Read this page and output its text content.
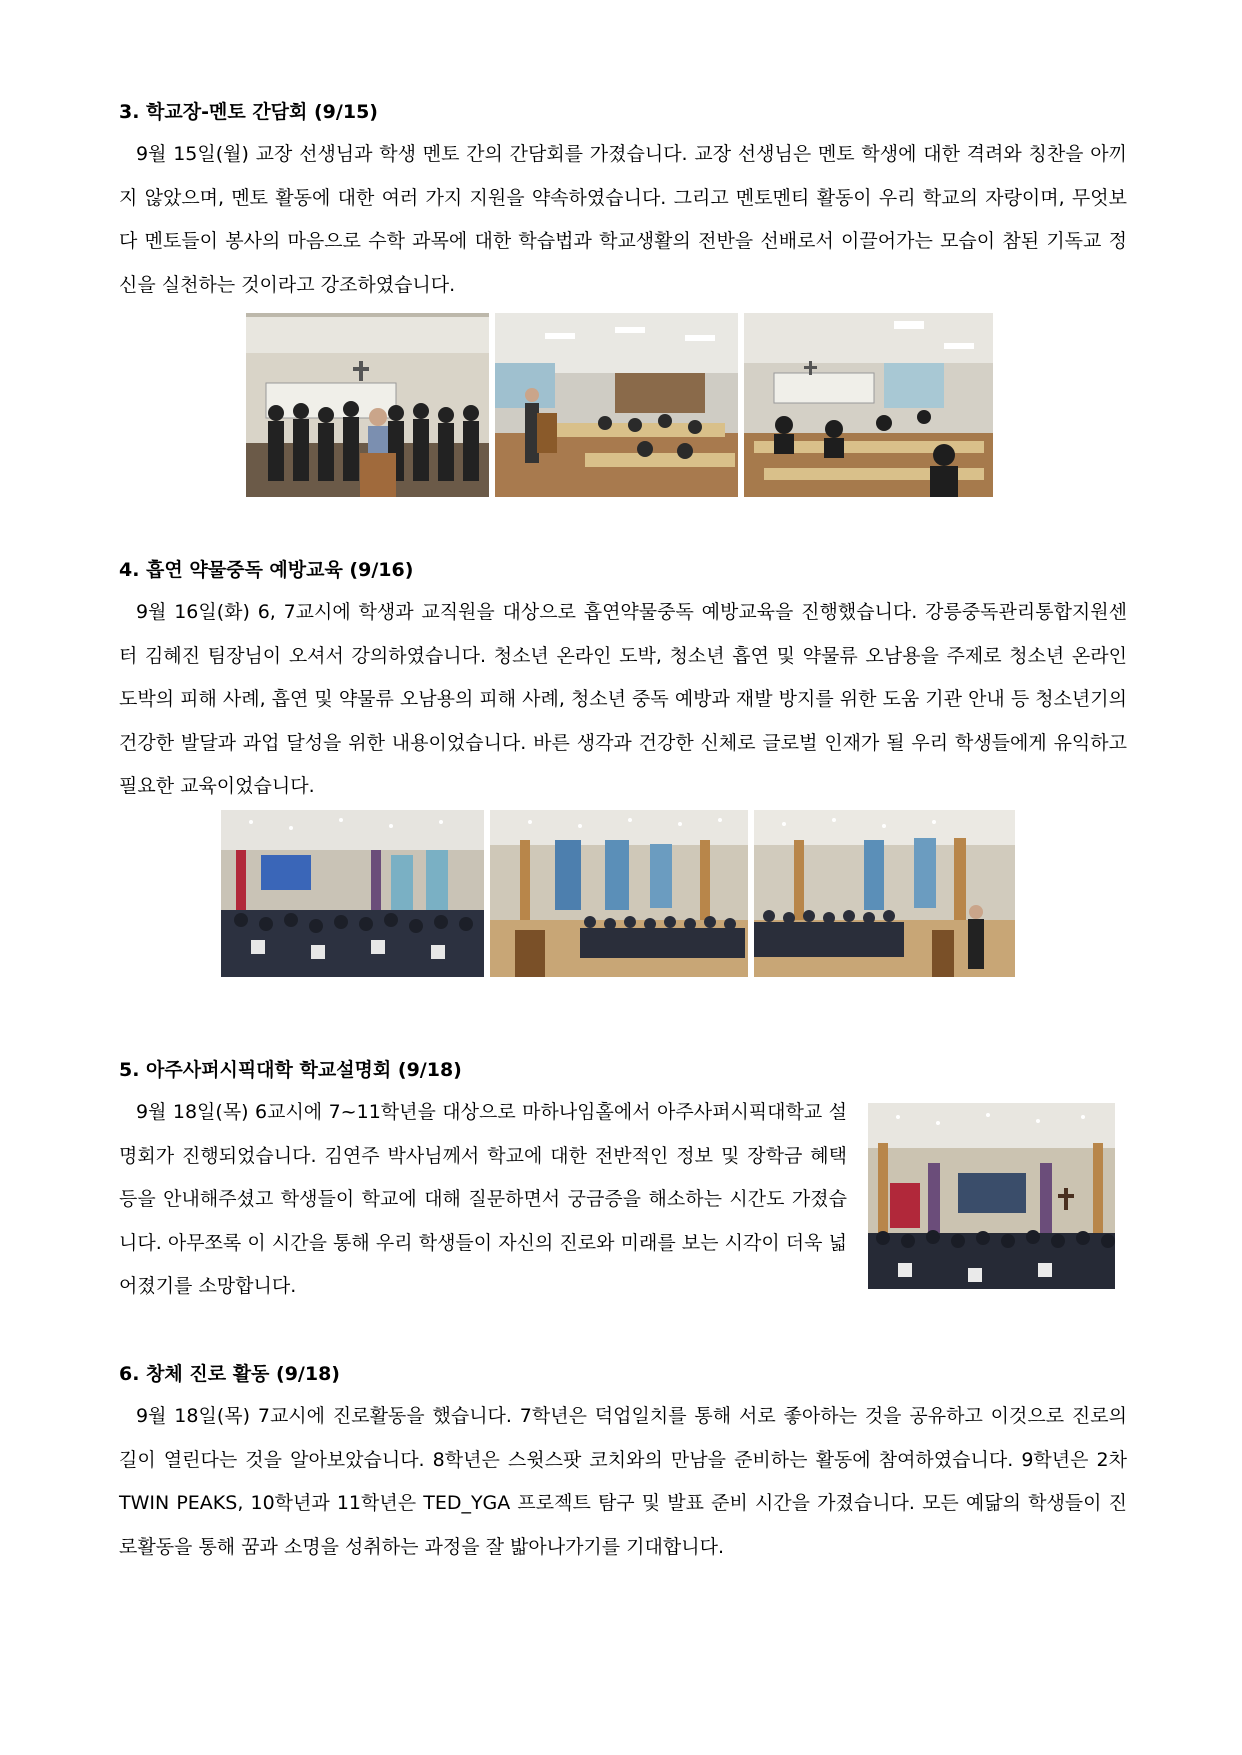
3. 학교장-멘토 간담회 (9/15)

9월 15일(월) 교장 선생님과 학생 멘토 간의 간담회를 가졌습니다. 교장 선생님은 멘토 학생에 대한 격려와 칭찬을 아끼지 않았으며, 멘토 활동에 대한 여러 가지 지원을 약속하였습니다. 그리고 멘토멘티 활동이 우리 학교의 자랑이며, 무엇보다 멘토들이 봉사의 마음으로 수학 과목에 대한 학습법과 학교생활의 전반을 선배로서 이끌어가는 모습이 참된 기독교 정신을 실천하는 것이라고 강조하였습니다.

4. 흡연 약물중독 예방교육 (9/16)

9월 16일(화) 6, 7교시에 학생과 교직원을 대상으로 흡연약물중독 예방교육을 진행했습니다. 강릉중독관리통합지원센터 김혜진 팀장님이 오셔서 강의하였습니다. 청소년 온라인 도박, 청소년 흡연 및 약물류 오남용을 주제로 청소년 온라인 도박의 피해 사례, 흡연 및 약물류 오남용의 피해 사례, 청소년 중독 예방과 재발 방지를 위한 도움 기관 안내 등 청소년기의 건강한 발달과 과업 달성을 위한 내용이었습니다. 바른 생각과 건강한 신체로 글로벌 인재가 될 우리 학생들에게 유익하고 필요한 교육이었습니다.

5. 아주사퍼시픽대학 학교설명회 (9/18)

9월 18일(목) 6교시에 7~11학년을 대상으로 마하나임홀에서 아주사퍼시픽대학교 설명회가 진행되었습니다. 김연주 박사님께서 학교에 대한 전반적인 정보 및 장학금 혜택 등을 안내해주셨고 학생들이 학교에 대해 질문하면서 궁금증을 해소하는 시간도 가졌습니다. 아무쪼록 이 시간을 통해 우리 학생들이 자신의 진로와 미래를 보는 시각이 더욱 넓어졌기를 소망합니다.

6. 창체 진로 활동 (9/18)

9월 18일(목) 7교시에 진로활동을 했습니다. 7학년은 덕업일치를 통해 서로 좋아하는 것을 공유하고 이것으로 진로의 길이 열린다는 것을 알아보았습니다. 8학년은 스윗스팟 코치와의 만남을 준비하는 활동에 참여하였습니다. 9학년은 2차 TWIN PEAKS, 10학년과 11학년은 TED_YGA 프로젝트 탐구 및 발표 준비 시간을 가졌습니다. 모든 예닮의 학생들이 진로활동을 통해 꿈과 소명을 성취하는 과정을 잘 밟아나가기를 기대합니다.
